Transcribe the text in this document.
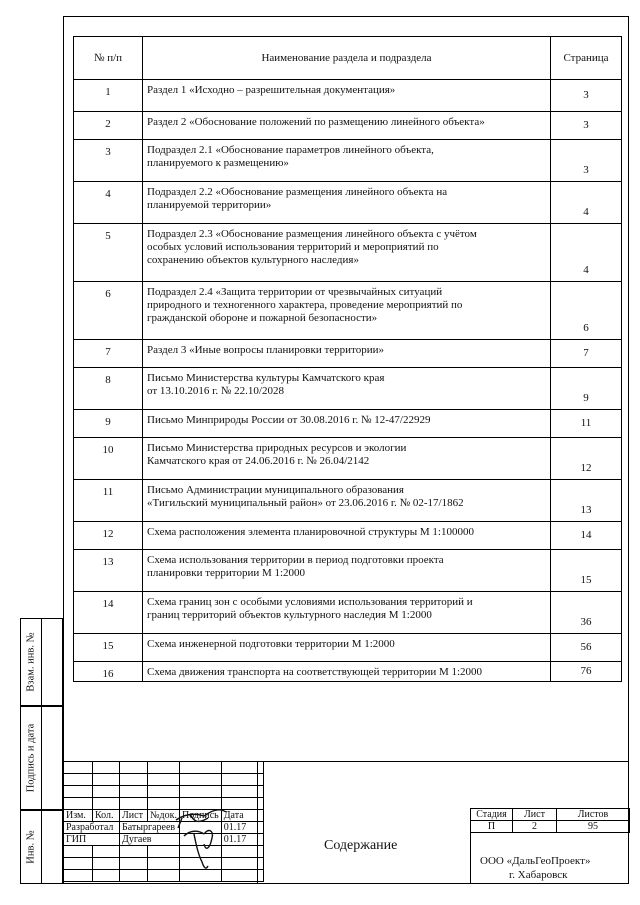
№ п/п	Наименование раздела и подраздела	Страница
1	Раздел 1 «Исходно – разрешительная документация»	3
2	Раздел 2 «Обоснование положений по размещению линейного объекта»	3
3	Подраздел 2.1 «Обоснование параметров линейного объекта,
планируемого к размещению»	3
4	Подраздел 2.2 «Обоснование размещения линейного объекта на
планируемой территории»	4
5	Подраздел 2.3 «Обоснование размещения линейного объекта с учётом
особых условий использования территорий и мероприятий по
сохранению объектов культурного наследия»	4
6	Подраздел 2.4 «Защита территории от чрезвычайных ситуаций
природного и техногенного характера, проведение мероприятий по
гражданской обороне и пожарной безопасности»	6
7	Раздел 3 «Иные вопросы планировки территории»	7
8	Письмо Министерства культуры Камчатского края
от 13.10.2016 г. № 22.10/2028	9
9	Письмо Минприроды России от 30.08.2016 г. № 12-47/22929	11
10	Письмо Министерства природных ресурсов и экологии
Камчатского края от 24.06.2016 г. № 26.04/2142	12
11	Письмо Администрации муниципального образования
«Тигильский муниципальный район» от 23.06.2016 г. № 02-17/1862	13
12	Схема расположения элемента планировочной структуры М 1:100000	14
13	Схема использования территории в период подготовки проекта
планировки территории М 1:2000	15
14	Схема границ зон с особыми условиями использования территорий и
границ территорий объектов культурного наследия М 1:2000	36
15	Схема инженерной подготовки территории М 1:2000	56
16	Схема движения транспорта на соответствующей территории М 1:2000	76
Взам. инв. №
Подпись и дата
Инв. №

Изм.	Кол.	Лист	№док.	Подпись	Дата
Разработал		Батыргареев			01.17
ГИП		Дугаев			01.17

						Содержание
Стадия	Лист	Листов
П	2	95
ООО «ДальГеоПроект»
г. Хабаровск
